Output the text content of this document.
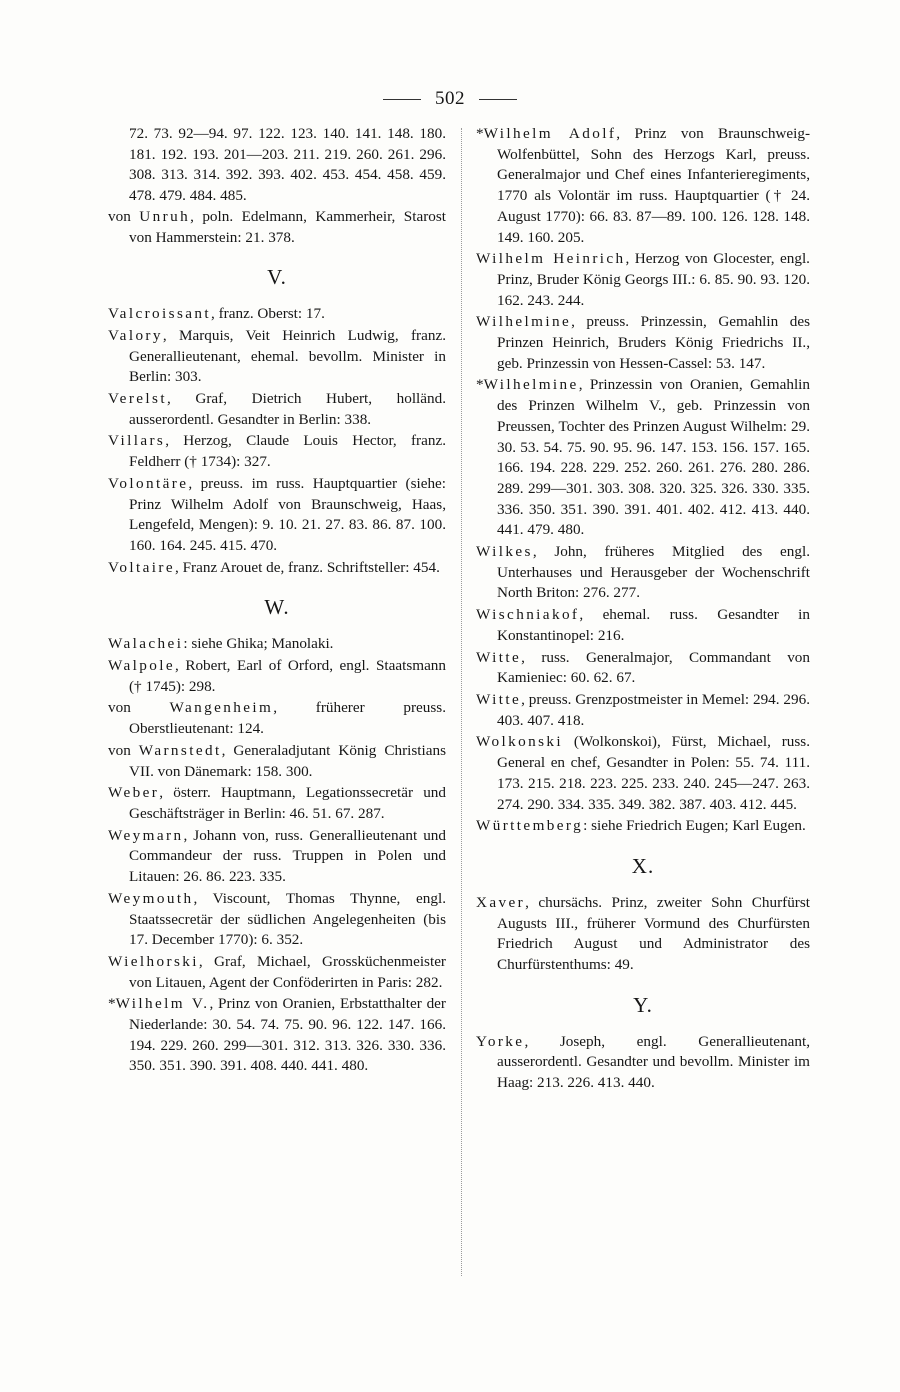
502
72. 73. 92—94. 97. 122. 123. 140. 141. 148. 180. 181. 192. 193. 201—203. 211. 219. 260. 261. 296. 308. 313. 314. 392. 393. 402. 453. 454. 458. 459. 478. 479. 484. 485.
von Unruh, poln. Edelmann, Kammerheir, Starost von Hammerstein: 21. 378.
V.
Valcroissant, franz. Oberst: 17.
Valory, Marquis, Veit Heinrich Ludwig, franz. Generallieutenant, ehemal. bevollm. Minister in Berlin: 303.
Verelst, Graf, Dietrich Hubert, holländ. ausserordentl. Gesandter in Berlin: 338.
Villars, Herzog, Claude Louis Hector, franz. Feldherr († 1734): 327.
Volontäre, preuss. im russ. Hauptquartier (siehe: Prinz Wilhelm Adolf von Braunschweig, Haas, Lengefeld, Mengen): 9. 10. 21. 27. 83. 86. 87. 100. 160. 164. 245. 415. 470.
Voltaire, Franz Arouet de, franz. Schriftsteller: 454.
W.
Walachei: siehe Ghika; Manolaki.
Walpole, Robert, Earl of Orford, engl. Staatsmann († 1745): 298.
von Wangenheim, früherer preuss. Oberstlieutenant: 124.
von Warnstedt, Generaladjutant König Christians VII. von Dänemark: 158. 300.
Weber, österr. Hauptmann, Legationssecretär und Geschäftsträger in Berlin: 46. 51. 67. 287.
Weymarn, Johann von, russ. Generallieutenant und Commandeur der russ. Truppen in Polen und Litauen: 26. 86. 223. 335.
Weymouth, Viscount, Thomas Thynne, engl. Staatssecretär der südlichen Angelegenheiten (bis 17. December 1770): 6. 352.
Wielhorski, Graf, Michael, Grossküchenmeister von Litauen, Agent der Conföderirten in Paris: 282.
*Wilhelm V., Prinz von Oranien, Erbstatthalter der Niederlande: 30. 54. 74. 75. 90. 96. 122. 147. 166. 194. 229. 260. 299—301. 312. 313. 326. 330. 336. 350. 351. 390. 391. 408. 440. 441. 480.
*Wilhelm Adolf, Prinz von Braunschweig-Wolfenbüttel, Sohn des Herzogs Karl, preuss. Generalmajor und Chef eines Infanterieregiments, 1770 als Volontär im russ. Hauptquartier († 24. August 1770): 66. 83. 87—89. 100. 126. 128. 148. 149. 160. 205.
Wilhelm Heinrich, Herzog von Glocester, engl. Prinz, Bruder König Georgs III.: 6. 85. 90. 93. 120. 162. 243. 244.
Wilhelmine, preuss. Prinzessin, Gemahlin des Prinzen Heinrich, Bruders König Friedrichs II., geb. Prinzessin von Hessen-Cassel: 53. 147.
*Wilhelmine, Prinzessin von Oranien, Gemahlin des Prinzen Wilhelm V., geb. Prinzessin von Preussen, Tochter des Prinzen August Wilhelm: 29. 30. 53. 54. 75. 90. 95. 96. 147. 153. 156. 157. 165. 166. 194. 228. 229. 252. 260. 261. 276. 280. 286. 289. 299—301. 303. 308. 320. 325. 326. 330. 335. 336. 350. 351. 390. 391. 401. 402. 412. 413. 440. 441. 479. 480.
Wilkes, John, früheres Mitglied des engl. Unterhauses und Herausgeber der Wochenschrift North Briton: 276. 277.
Wischniakof, ehemal. russ. Gesandter in Konstantinopel: 216.
Witte, russ. Generalmajor, Commandant von Kamieniec: 60. 62. 67.
Witte, preuss. Grenzpostmeister in Memel: 294. 296. 403. 407. 418.
Wolkonski (Wolkonskoi), Fürst, Michael, russ. General en chef, Gesandter in Polen: 55. 74. 111. 173. 215. 218. 223. 225. 233. 240. 245—247. 263. 274. 290. 334. 335. 349. 382. 387. 403. 412. 445.
Württemberg: siehe Friedrich Eugen; Karl Eugen.
X.
Xaver, chursächs. Prinz, zweiter Sohn Churfürst Augusts III., früherer Vormund des Churfürsten Friedrich August und Administrator des Churfürstenthums: 49.
Y.
Yorke, Joseph, engl. Generallieutenant, ausserordentl. Gesandter und bevollm. Minister im Haag: 213. 226. 413. 440.
